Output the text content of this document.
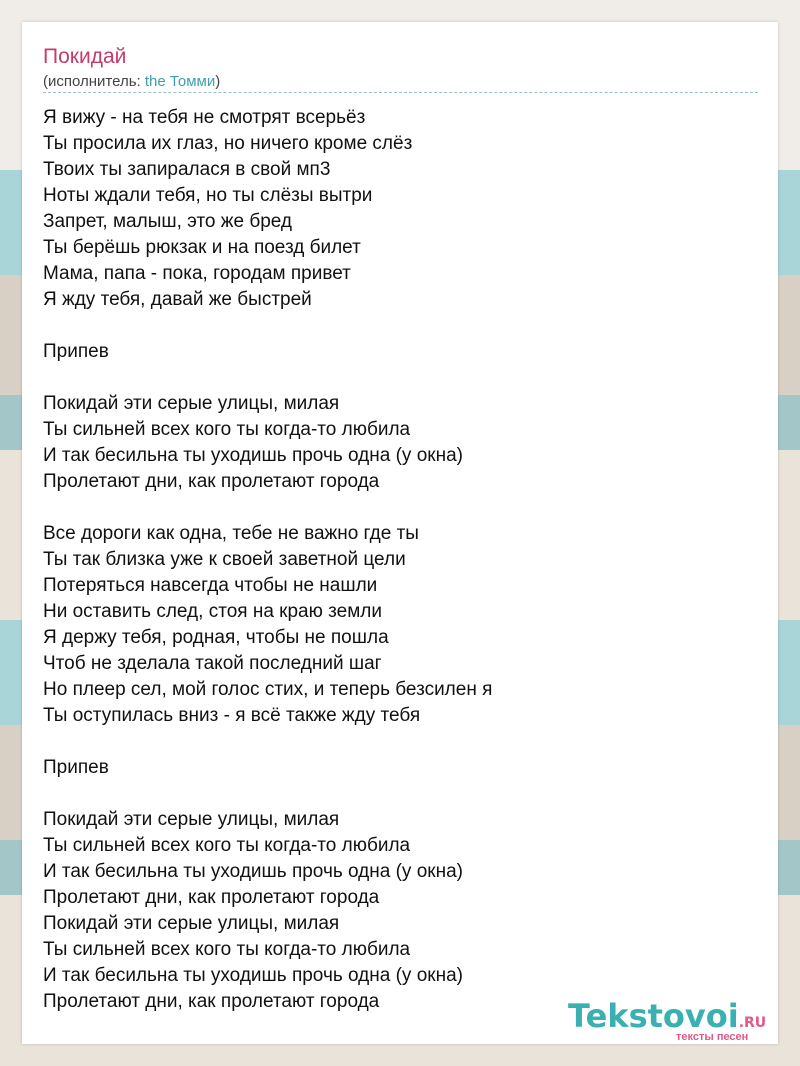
Покидай
(исполнитель: the Томми)
Я вижу - на тебя не смотрят всерьёз
Ты просила их глаз, но ничего кроме слёз
Твоих ты запиралася в свой мп3
Ноты ждали тебя, но ты слёзы вытри
Запрет, малыш, это же бред
Ты берёшь рюкзак и на поезд билет
Мама, папа - пока, городам привет
Я жду тебя, давай же быстрей
Припев
Покидай эти серые улицы, милая
Ты сильней всех кого ты когда-то любила
И так бесильна ты уходишь прочь одна (у окна)
Пролетают дни, как пролетают города
Все дороги как одна, тебе не важно где ты
Ты так близка уже к своей заветной цели
Потеряться навсегда чтобы не нашли
Ни оставить след, стоя на краю земли
Я держу тебя, родная, чтобы не пошла
Чтоб не зделала такой последний шаг
Но плеер сел, мой голос стих, и теперь безсилен я
Ты оступилась вниз - я всё также жду тебя
Припев
Покидай эти серые улицы, милая
Ты сильней всех кого ты когда-то любила
И так бесильна ты уходишь прочь одна (у окна)
Пролетают дни, как пролетают города
Покидай эти серые улицы, милая
Ты сильней всех кого ты когда-то любила
И так бесильна ты уходишь прочь одна (у окна)
Пролетают дни, как пролетают города	Tekstovoi.RU
тексты песен
